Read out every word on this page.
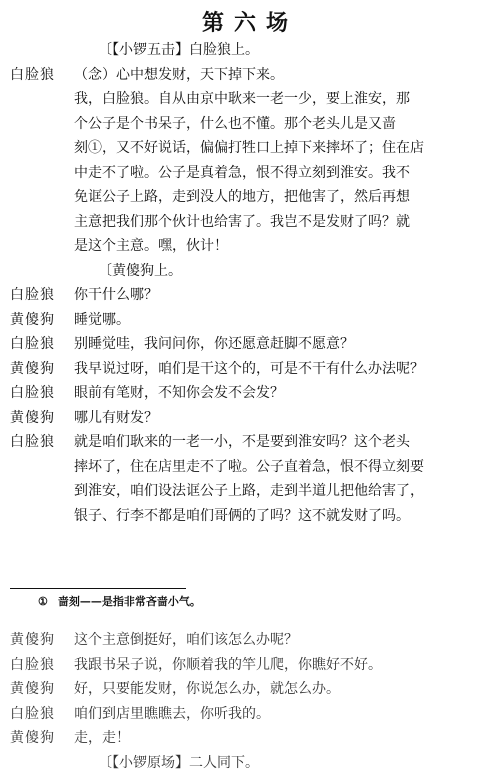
第六场
〔【小锣五击】白脸狼上。
白脸狼	（念）心中想发财，天下掉下来。
我，白脸狼。自从由京中耿来一老一少，要上淮安，那
个公子是个书呆子，什么也不懂。那个老头儿是又啬
刻①，又不好说话，偏偏打牲口上掉下来摔坏了；住在店
中走不了啦。公子是真着急，恨不得立刻到淮安。我不
免诓公子上路，走到没人的地方，把他害了，然后再想
主意把我们那个伙计也给害了。我岂不是发财了吗？就
是这个主意。嘿，伙计！
〔黄傻狗上。
白脸狼	你干什么哪？
黄傻狗	睡觉哪。
白脸狼	别睡觉哇，我问问你，你还愿意赶脚不愿意？
黄傻狗	我早说过呀，咱们是干这个的，可是不干有什么办法呢？
白脸狼	眼前有笔财，不知你会发不会发？
黄傻狗	哪儿有财发？
白脸狼	就是咱们耿来的一老一小，不是要到淮安吗？这个老头
摔坏了，住在店里走不了啦。公子直着急，恨不得立刻要
到淮安，咱们设法诓公子上路，走到半道儿把他给害了，
银子、行李不都是咱们哥俩的了吗？这不就发财了吗。
① 啬刻——是指非常吝啬小气。
黄傻狗	这个主意倒挺好，咱们该怎么办呢？
白脸狼	我跟书呆子说，你顺着我的竿儿爬，你瞧好不好。
黄傻狗	好，只要能发财，你说怎么办，就怎么办。
白脸狼	咱们到店里瞧瞧去，你听我的。
黄傻狗	走，走！
〔【小锣原场】二人同下。
